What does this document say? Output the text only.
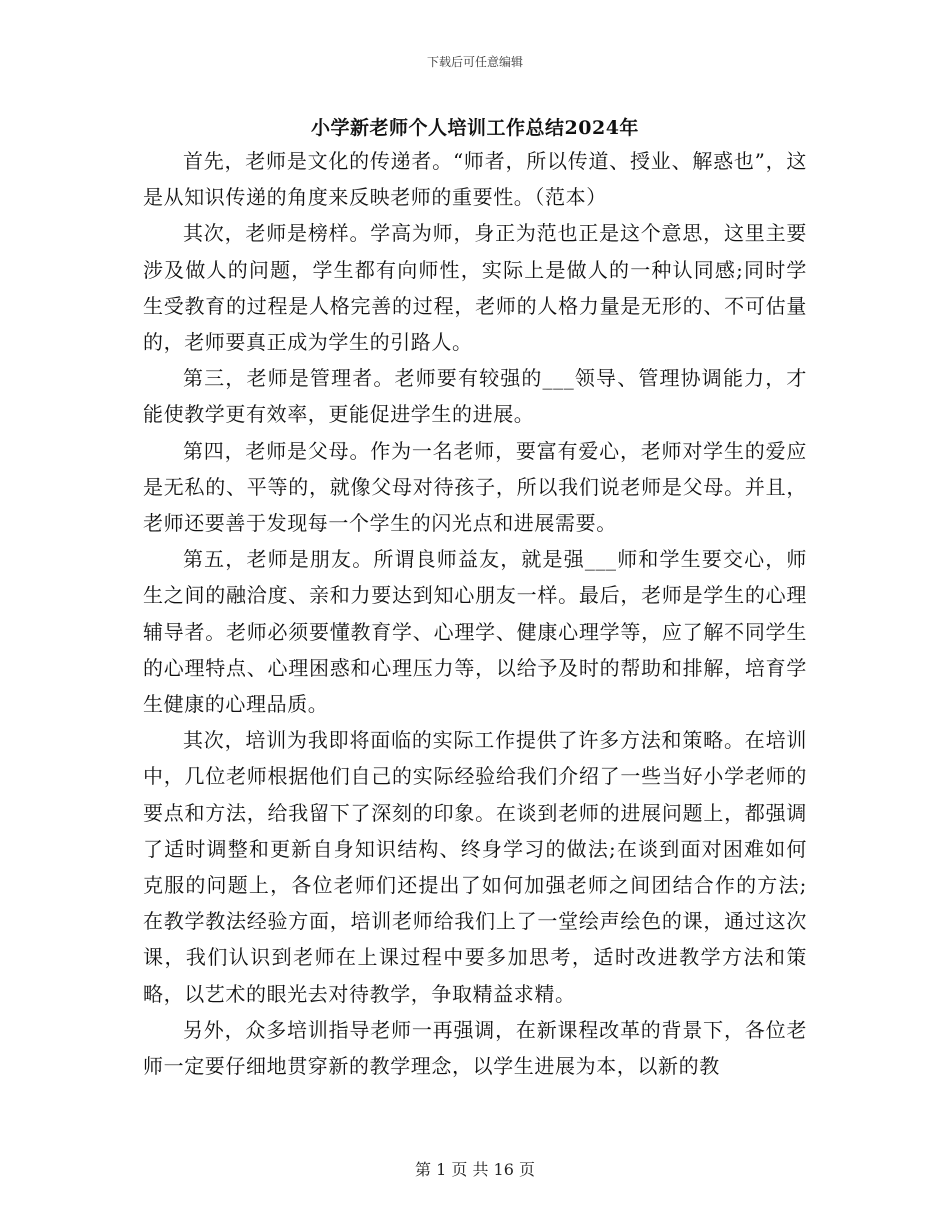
下载后可任意编辑
小学新老师个人培训工作总结2024年

首先，老师是文化的传递者。“师者，所以传道、授业、解惑也”，这是从知识传递的角度来反映老师的重要性。（范本）

其次，老师是榜样。学高为师，身正为范也正是这个意思，这里主要涉及做人的问题，学生都有向师性，实际上是做人的一种认同感;同时学生受教育的过程是人格完善的过程，老师的人格力量是无形的、不可估量的，老师要真正成为学生的引路人。

第三，老师是管理者。老师要有较强的___领导、管理协调能力，才能使教学更有效率，更能促进学生的进展。

第四，老师是父母。作为一名老师，要富有爱心，老师对学生的爱应是无私的、平等的，就像父母对待孩子，所以我们说老师是父母。并且，老师还要善于发现每一个学生的闪光点和进展需要。

第五，老师是朋友。所谓良师益友，就是强___师和学生要交心，师生之间的融洽度、亲和力要达到知心朋友一样。最后，老师是学生的心理辅导者。老师必须要懂教育学、心理学、健康心理学等，应了解不同学生的心理特点、心理困惑和心理压力等，以给予及时的帮助和排解，培育学生健康的心理品质。

其次，培训为我即将面临的实际工作提供了许多方法和策略。在培训中，几位老师根据他们自己的实际经验给我们介绍了一些当好小学老师的要点和方法，给我留下了深刻的印象。在谈到老师的进展问题上，都强调了适时调整和更新自身知识结构、终身学习的做法;在谈到面对困难如何克服的问题上，各位老师们还提出了如何加强老师之间团结合作的方法;在教学教法经验方面，培训老师给我们上了一堂绘声绘色的课，通过这次课，我们认识到老师在上课过程中要多加思考，适时改进教学方法和策略，以艺术的眼光去对待教学，争取精益求精。

另外，众多培训指导老师一再强调，在新课程改革的背景下，各位老师一定要仔细地贯穿新的教学理念，以学生进展为本，以新的教

第 1 页 共 16 页
